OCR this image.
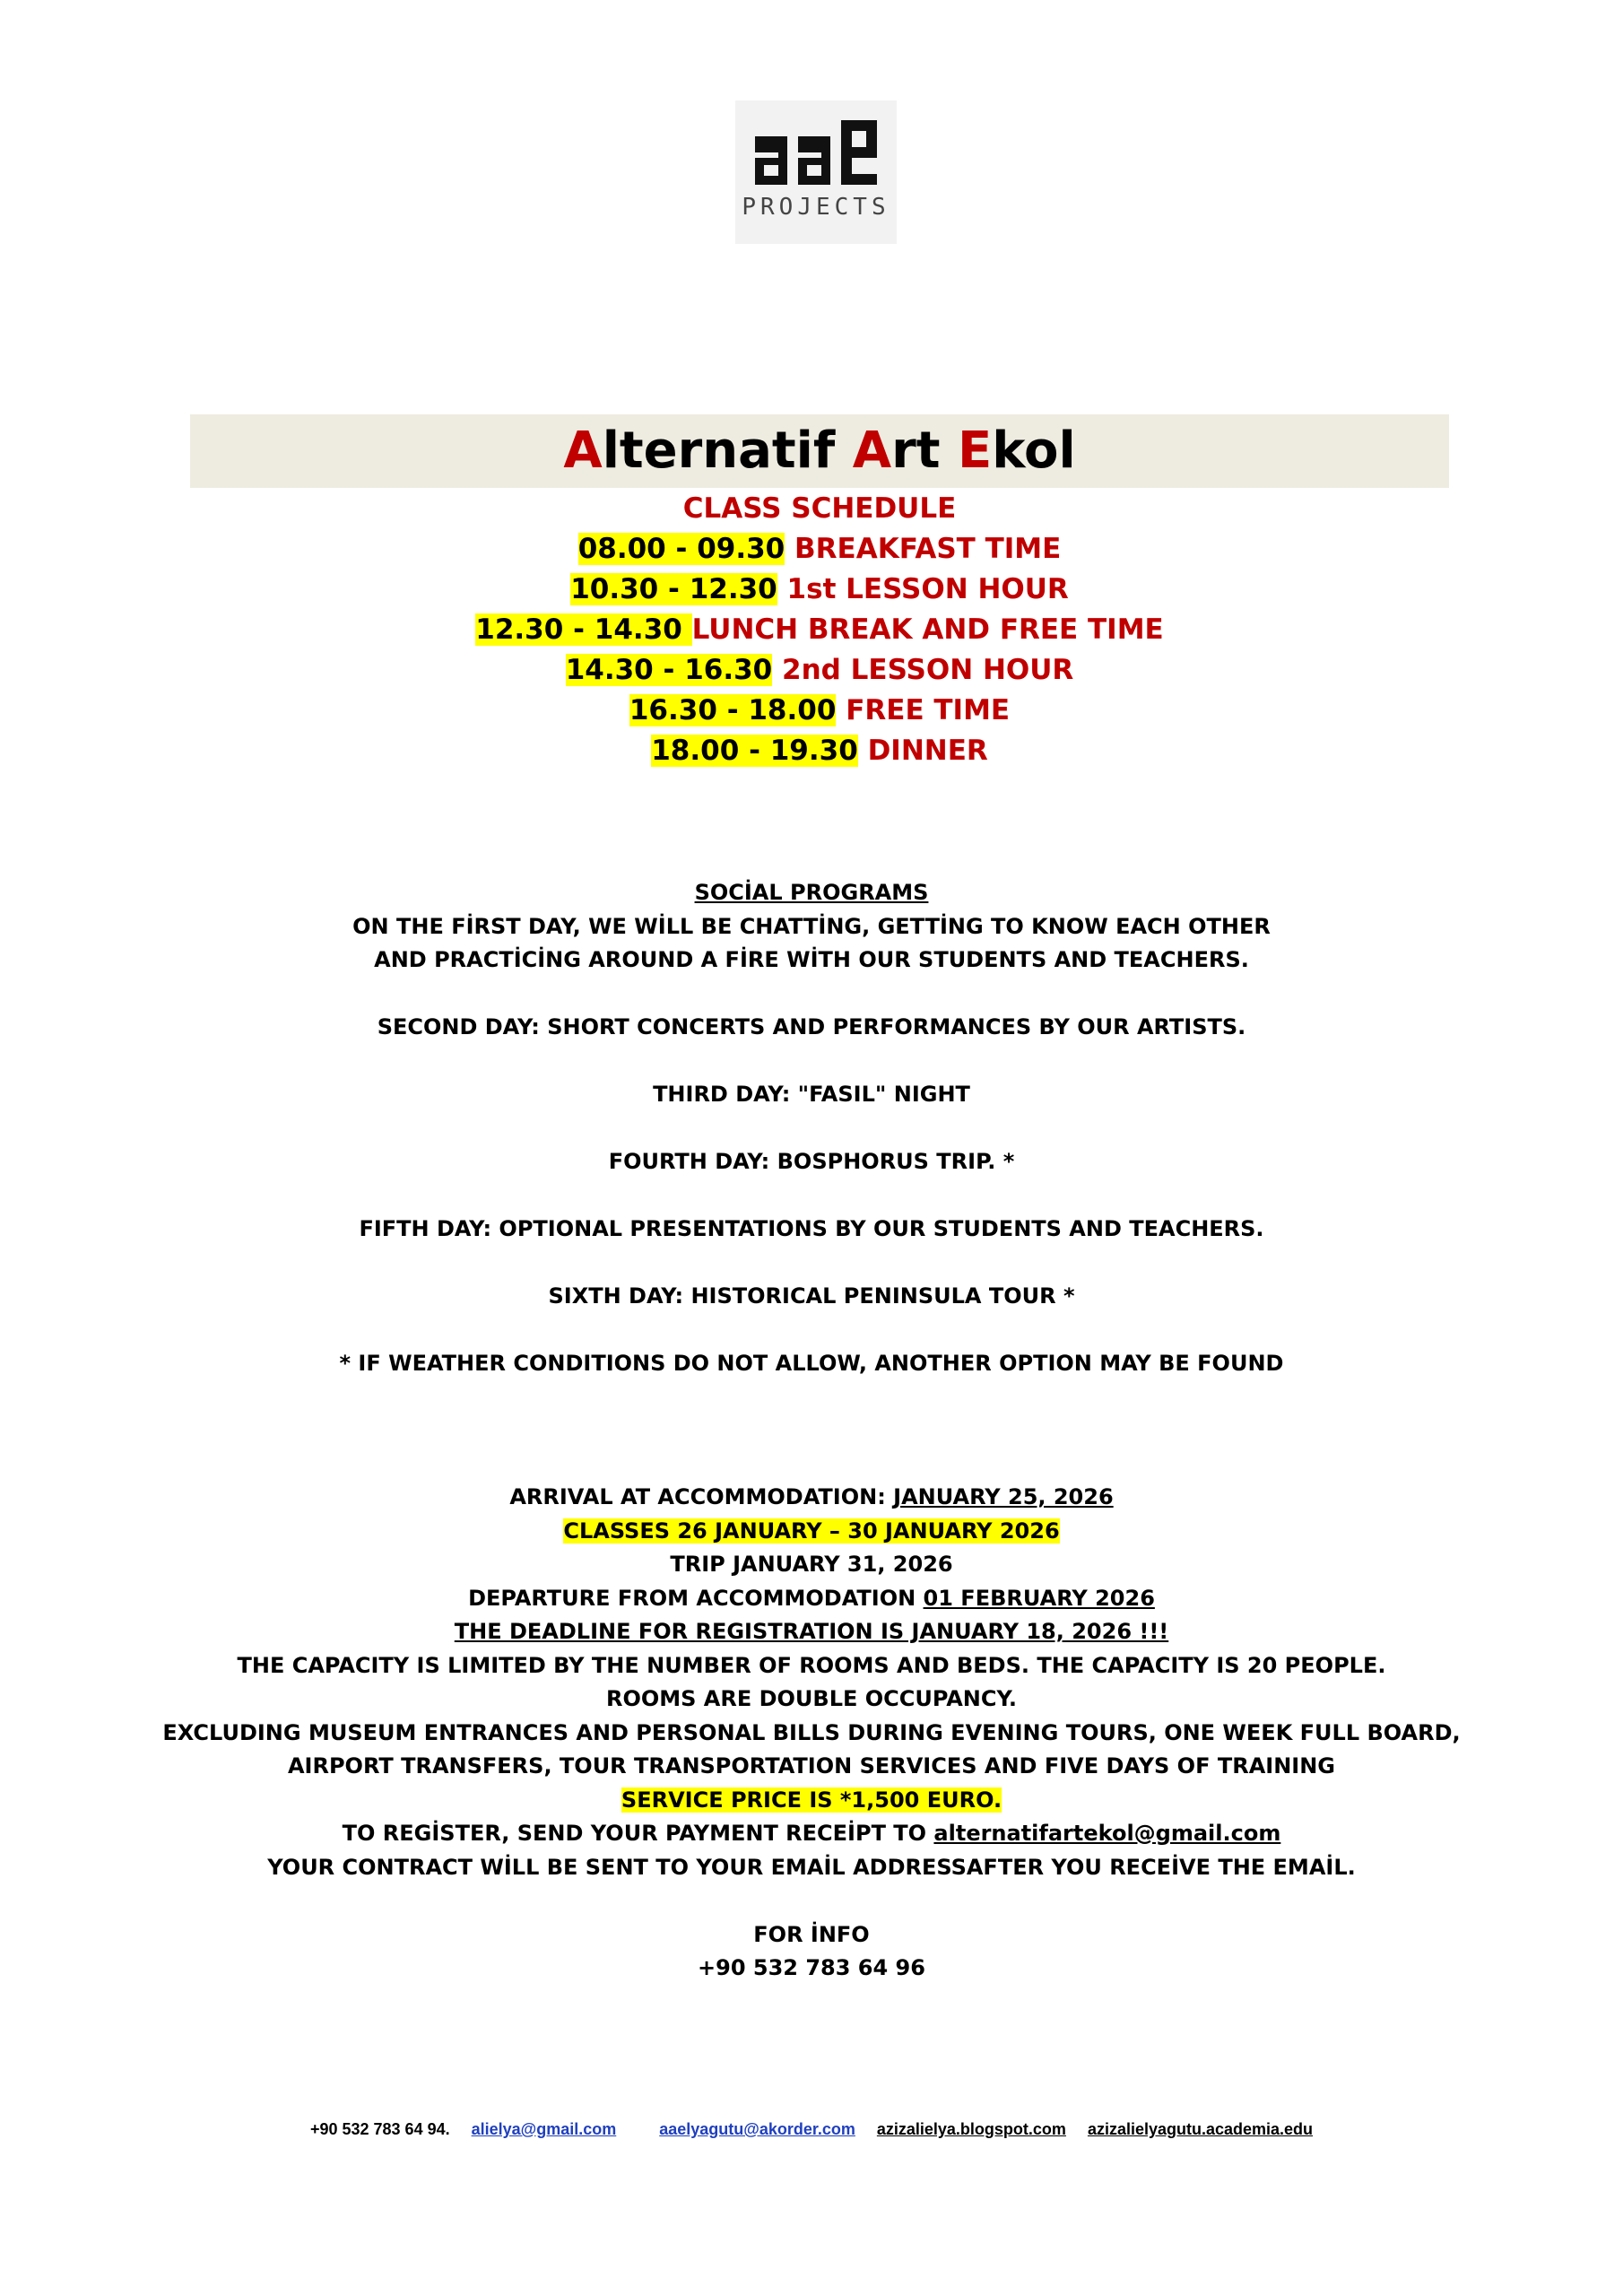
PROJECTS
Alternatif Art Ekol
CLASS SCHEDULE
08.00 - 09.30 BREAKFAST TIME
10.30 - 12.30 1st LESSON HOUR
12.30 - 14.30 LUNCH BREAK AND FREE TIME
14.30 - 16.30 2nd LESSON HOUR
16.30 - 18.00 FREE TIME
18.00 - 19.30 DINNER
SOCİAL PROGRAMS
ON THE FİRST DAY, WE WİLL BE CHATTİNG, GETTİNG TO KNOW EACH OTHER
AND PRACTİCİNG AROUND A FİRE WİTH OUR STUDENTS AND TEACHERS.

SECOND DAY: SHORT CONCERTS AND PERFORMANCES BY OUR ARTISTS.

THIRD DAY: "FASIL" NIGHT

FOURTH DAY: BOSPHORUS TRIP. *

FIFTH DAY: OPTIONAL PRESENTATIONS BY OUR STUDENTS AND TEACHERS.

SIXTH DAY: HISTORICAL PENINSULA TOUR *

* IF WEATHER CONDITIONS DO NOT ALLOW, ANOTHER OPTION MAY BE FOUND
ARRIVAL AT ACCOMMODATION: JANUARY 25, 2026
CLASSES 26 JANUARY – 30 JANUARY 2026
TRIP JANUARY 31, 2026
DEPARTURE FROM ACCOMMODATION 01 FEBRUARY 2026
THE DEADLINE FOR REGISTRATION IS JANUARY 18, 2026 !!!
THE CAPACITY IS LIMITED BY THE NUMBER OF ROOMS AND BEDS. THE CAPACITY IS 20 PEOPLE.
ROOMS ARE DOUBLE OCCUPANCY.
EXCLUDING MUSEUM ENTRANCES AND PERSONAL BILLS DURING EVENING TOURS, ONE WEEK FULL BOARD,
AIRPORT TRANSFERS, TOUR TRANSPORTATION SERVICES AND FIVE DAYS OF TRAINING
SERVICE PRICE IS *1,500 EURO.
TO REGİSTER, SEND YOUR PAYMENT RECEİPT TO alternatifartekol@gmail.com
YOUR CONTRACT WİLL BE SENT TO YOUR EMAİL ADDRESSAFTER YOU RECEİVE THE EMAİL.

FOR İNFO
+90 532 783 64 96
+90 532 783 64 94. alielya@gmail.com	aaelyagutu@akorder.com azizalielya.blogspot.com azizalielyagutu.academia.edu
